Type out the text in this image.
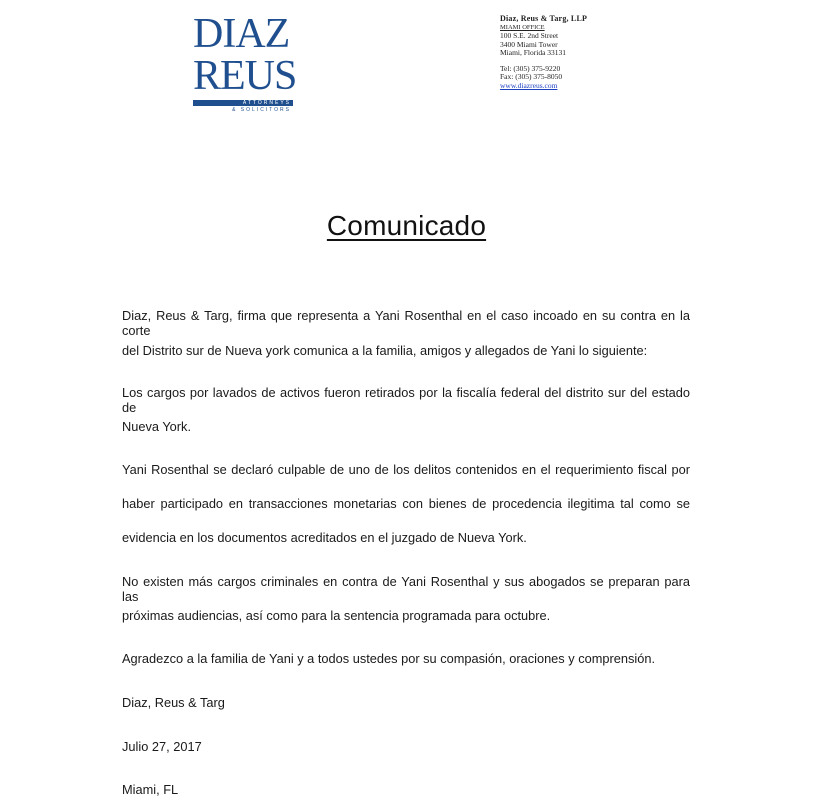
DIAZ
REUS
ATTORNEYS
& SOLICITORS
Diaz, Reus & Targ, LLP
MIAMI OFFICE
100 S.E. 2nd Street
3400 Miami Tower
Miami, Florida 33131
Tel: (305) 375-9220
Fax: (305) 375-8050
www.diazreus.com
Comunicado
Diaz, Reus & Targ, firma que representa a Yani Rosenthal en el caso incoado en su contra en la corte
del Distrito sur de Nueva york comunica a la familia, amigos y allegados de Yani lo siguiente:
Los cargos por lavados de activos fueron retirados por la fiscalía federal del distrito sur del estado de
Nueva York.
Yani Rosenthal se declaró culpable de uno de los delitos contenidos en el requerimiento fiscal por
haber participado en transacciones monetarias con bienes de procedencia ilegitima tal como se
evidencia en los documentos acreditados en el juzgado de Nueva York.
No existen más cargos criminales en contra de Yani Rosenthal y sus abogados se preparan para las
próximas audiencias, así como para la sentencia programada para octubre.
Agradezco a la familia de Yani y a todos ustedes por su compasión, oraciones y comprensión.
Diaz, Reus & Targ
Julio 27, 2017
Miami, FL
